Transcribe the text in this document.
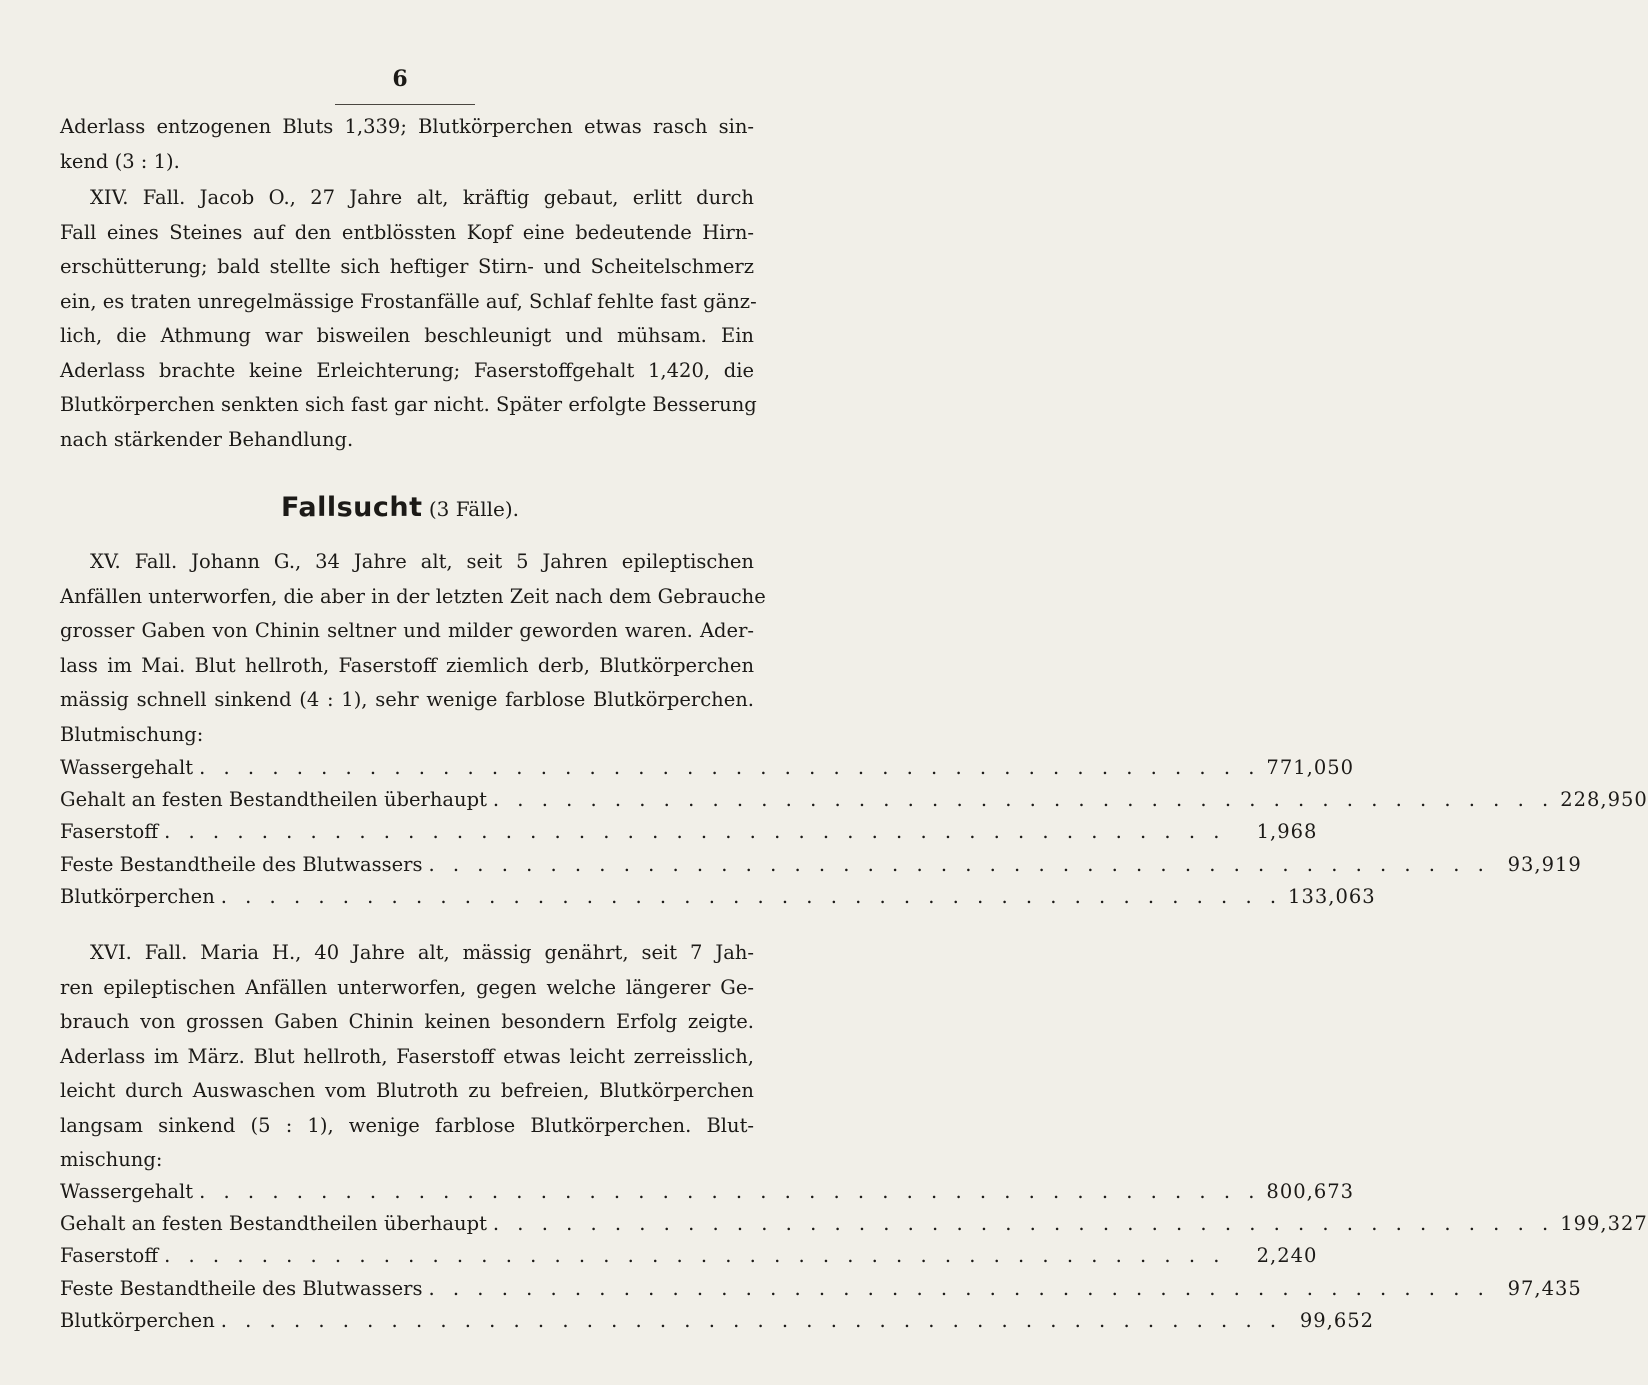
6
Aderlass entzogenen Bluts 1,339; Blutkörperchen etwas rasch sin-
kend (3 : 1).
XIV. Fall. Jacob O., 27 Jahre alt, kräftig gebaut, erlitt durch
Fall eines Steines auf den entblössten Kopf eine bedeutende Hirn-
erschütterung; bald stellte sich heftiger Stirn- und Scheitelschmerz
ein, es traten unregelmässige Frostanfälle auf, Schlaf fehlte fast gänz-
lich, die Athmung war bisweilen beschleunigt und mühsam. Ein
Aderlass brachte keine Erleichterung; Faserstoffgehalt 1,420, die
Blutkörperchen senkten sich fast gar nicht. Später erfolgte Besserung
nach stärkender Behandlung.
Fallsucht (3 Fälle).
XV. Fall. Johann G., 34 Jahre alt, seit 5 Jahren epileptischen
Anfällen unterworfen, die aber in der letzten Zeit nach dem Gebrauche
grosser Gaben von Chinin seltner und milder geworden waren. Ader-
lass im Mai. Blut hellroth, Faserstoff ziemlich derb, Blutkörperchen
mässig schnell sinkend (4 : 1), sehr wenige farblose Blutkörperchen.
Blutmischung:
Wassergehalt . . . . . . . . . . . . . . . . . . . . . . . . . . . . . . . . . . . . . . . . . . . . 771,050
Gehalt an festen Bestandtheilen überhaupt . . . . . . . . . . . . . . . . . . . . . . . . . . . . . . . . . . . . . . . . . . . . 228,950
Faserstoff . . . . . . . . . . . . . . . . . . . . . . . . . . . . . . . . . . . . . . . . . . . .	1,968
Feste Bestandtheile des Blutwassers . . . . . . . . . . . . . . . . . . . . . . . . . . . . . . . . . . . . . . . . . . . . 93,919
Blutkörperchen . . . . . . . . . . . . . . . . . . . . . . . . . . . . . . . . . . . . . . . . . . . . 133,063
XVI. Fall. Maria H., 40 Jahre alt, mässig genährt, seit 7 Jah-
ren epileptischen Anfällen unterworfen, gegen welche längerer Ge-
brauch von grossen Gaben Chinin keinen besondern Erfolg zeigte.
Aderlass im März. Blut hellroth, Faserstoff etwas leicht zerreisslich,
leicht durch Auswaschen vom Blutroth zu befreien, Blutkörperchen
langsam sinkend (5 : 1), wenige farblose Blutkörperchen. Blut-
mischung:
Wassergehalt . . . . . . . . . . . . . . . . . . . . . . . . . . . . . . . . . . . . . . . . . . . . 800,673
Gehalt an festen Bestandtheilen überhaupt . . . . . . . . . . . . . . . . . . . . . . . . . . . . . . . . . . . . . . . . . . . . 199,327
Faserstoff . . . . . . . . . . . . . . . . . . . . . . . . . . . . . . . . . . . . . . . . . . . .	2,240
Feste Bestandtheile des Blutwassers . . . . . . . . . . . . . . . . . . . . . . . . . . . . . . . . . . . . . . . . . . . . 97,435
Blutkörperchen . . . . . . . . . . . . . . . . . . . . . . . . . . . . . . . . . . . . . . . . . . . . 99,652
